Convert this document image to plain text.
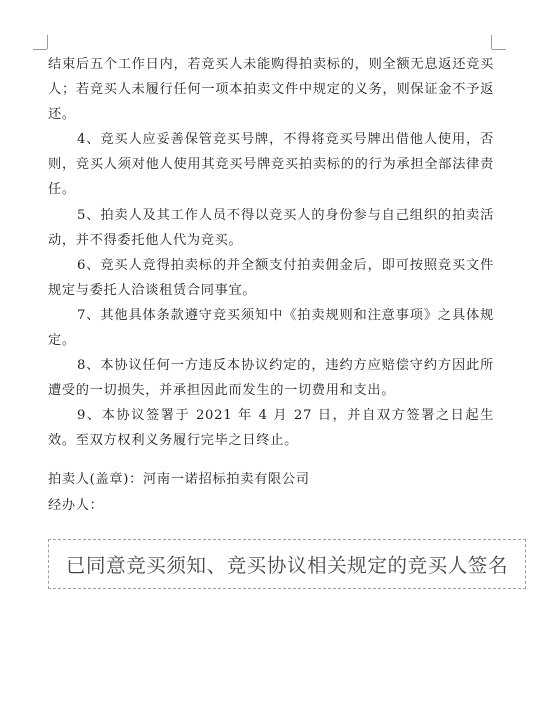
结束后五个工作日内，若竞买人未能购得拍卖标的，则全额无息返还竞买人；若竞买人未履行任何一项本拍卖文件中规定的义务，则保证金不予返还。

4、竞买人应妥善保管竞买号牌，不得将竞买号牌出借他人使用，否则，竞买人须对他人使用其竞买号牌竞买拍卖标的的行为承担全部法律责任。

5、拍卖人及其工作人员不得以竞买人的身份参与自己组织的拍卖活动，并不得委托他人代为竞买。

6、竞买人竞得拍卖标的并全额支付拍卖佣金后，即可按照竞买文件规定与委托人洽谈租赁合同事宜。

7、其他具体条款遵守竞买须知中《拍卖规则和注意事项》之具体规定。

8、本协议任何一方违反本协议约定的，违约方应赔偿守约方因此所遭受的一切损失，并承担因此而发生的一切费用和支出。

9、本协议签署于 2021 年 4 月 27 日，并自双方签署之日起生效。至双方权利义务履行完毕之日终止。

拍卖人(盖章)：河南一诺招标拍卖有限公司

经办人：

已同意竞买须知、竞买协议相关规定的竞买人签名
